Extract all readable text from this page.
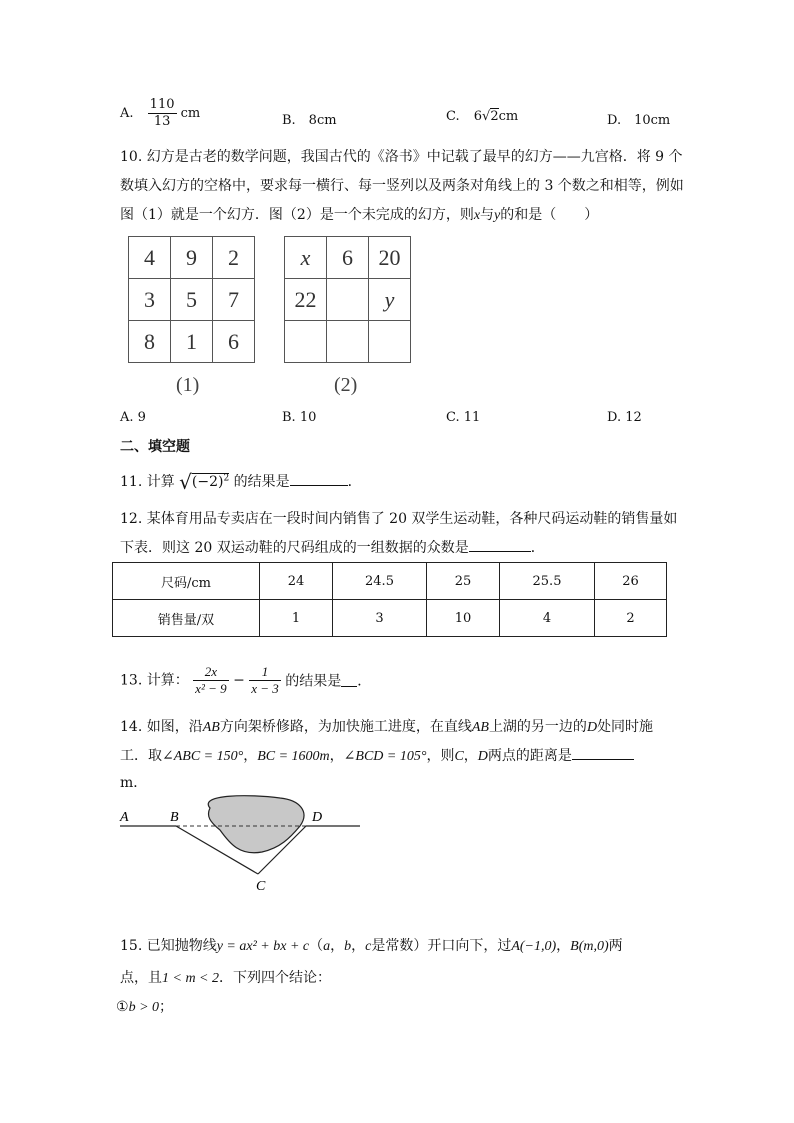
A. $\frac{110}{13}$ cm	B.　8cm	C. 6√2cm	D.　10cm
10. 幻方是古老的数学问题，我国古代的《洛书》中记载了最早的幻方——九宫格．将 9 个
数填入幻方的空格中，要求每一横行、每一竖列以及两条对角线上的 3 个数之和相等，例如
图（1）就是一个幻方．图（2）是一个未完成的幻方，则x与y的和是（　　）
4	9	2
3	5	7
8	1	6
x	6	20
22		y

(1)	(2)
A. 9	B. 10	C. 11	D. 12
二、填空题
11. 计算 $√(-2)^2$ 的结果是	．
12. 某体育用品专卖店在一段时间内销售了 20 双学生运动鞋，各种尺码运动鞋的销售量如
下表．则这 20 双运动鞋的尺码组成的一组数据的众数是	．
尺码/cm	24	24.5	25	25.5	26
销售量/双	1	3	10	4	2
13. 计算： $\frac{2x}{\text{x² − 9}} - \frac{1}{x - 3}$ 的结果是 ．
14. 如图，沿AB方向架桥修路，为加快施工进度，在直线AB上湖的另一边的D处同时施
工．取∠ABC = 150°，BC = 1600m，∠BCD = 105°，则C，D两点的距离是
m．
A	B	D
C
15. 已知抛物线y = ax² + bx + c（a，b，c是常数）开口向下，过A(−1,0)，B(m,0)两
点，且1 < m < 2．下列四个结论：
①b > 0；
